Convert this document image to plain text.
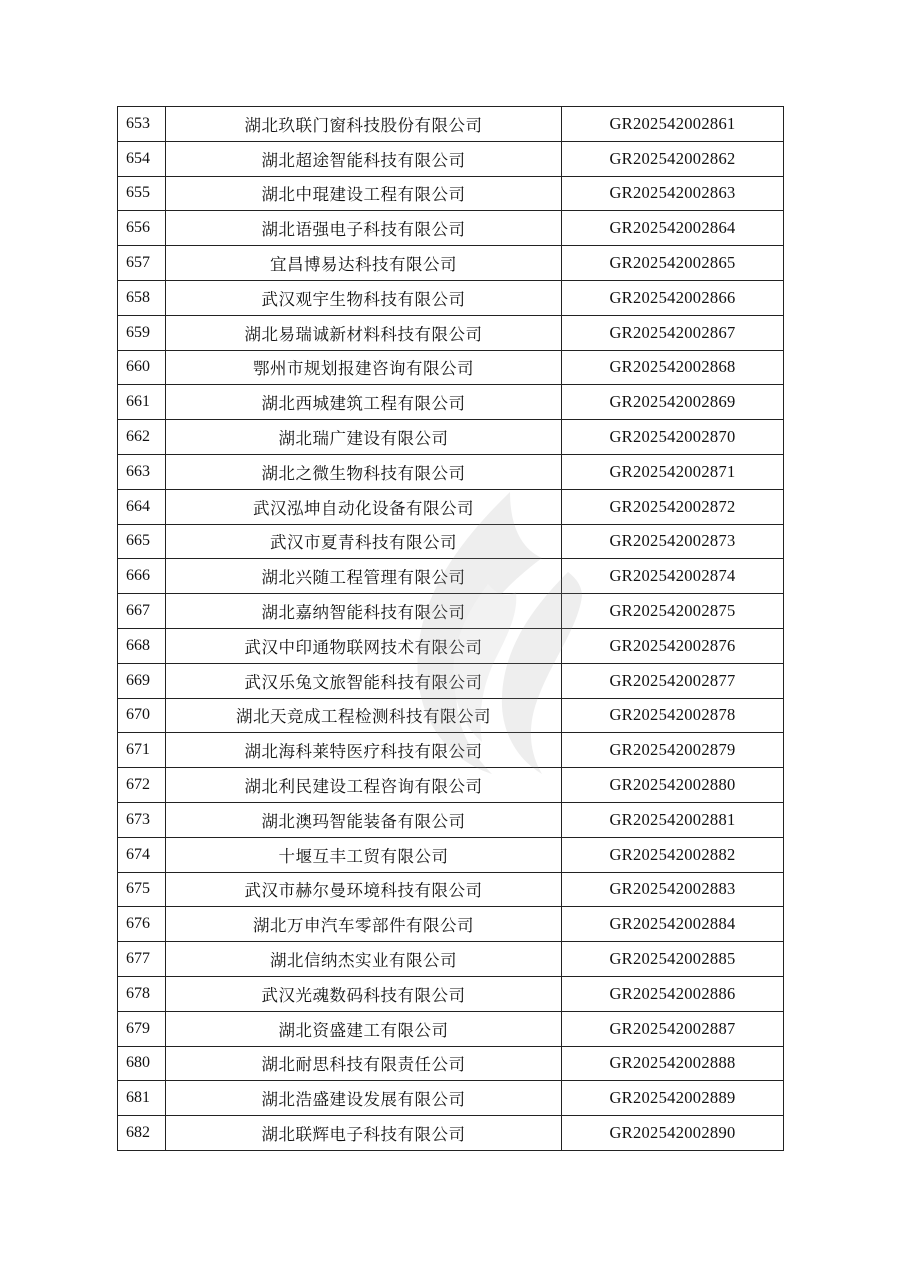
653	湖北玖联门窗科技股份有限公司	GR202542002861
654	湖北超途智能科技有限公司	GR202542002862
655	湖北中琨建设工程有限公司	GR202542002863
656	湖北语强电子科技有限公司	GR202542002864
657	宜昌博易达科技有限公司	GR202542002865
658	武汉观宇生物科技有限公司	GR202542002866
659	湖北易瑞诚新材料科技有限公司	GR202542002867
660	鄂州市规划报建咨询有限公司	GR202542002868
661	湖北西城建筑工程有限公司	GR202542002869
662	湖北瑞广建设有限公司	GR202542002870
663	湖北之微生物科技有限公司	GR202542002871
664	武汉泓坤自动化设备有限公司	GR202542002872
665	武汉市夏青科技有限公司	GR202542002873
666	湖北兴随工程管理有限公司	GR202542002874
667	湖北嘉纳智能科技有限公司	GR202542002875
668	武汉中印通物联网技术有限公司	GR202542002876
669	武汉乐兔文旅智能科技有限公司	GR202542002877
670	湖北天竞成工程检测科技有限公司	GR202542002878
671	湖北海科莱特医疗科技有限公司	GR202542002879
672	湖北利民建设工程咨询有限公司	GR202542002880
673	湖北澳玛智能装备有限公司	GR202542002881
674	十堰互丰工贸有限公司	GR202542002882
675	武汉市赫尔曼环境科技有限公司	GR202542002883
676	湖北万申汽车零部件有限公司	GR202542002884
677	湖北信纳杰实业有限公司	GR202542002885
678	武汉光魂数码科技有限公司	GR202542002886
679	湖北资盛建工有限公司	GR202542002887
680	湖北耐思科技有限责任公司	GR202542002888
681	湖北浩盛建设发展有限公司	GR202542002889
682	湖北联辉电子科技有限公司	GR202542002890
